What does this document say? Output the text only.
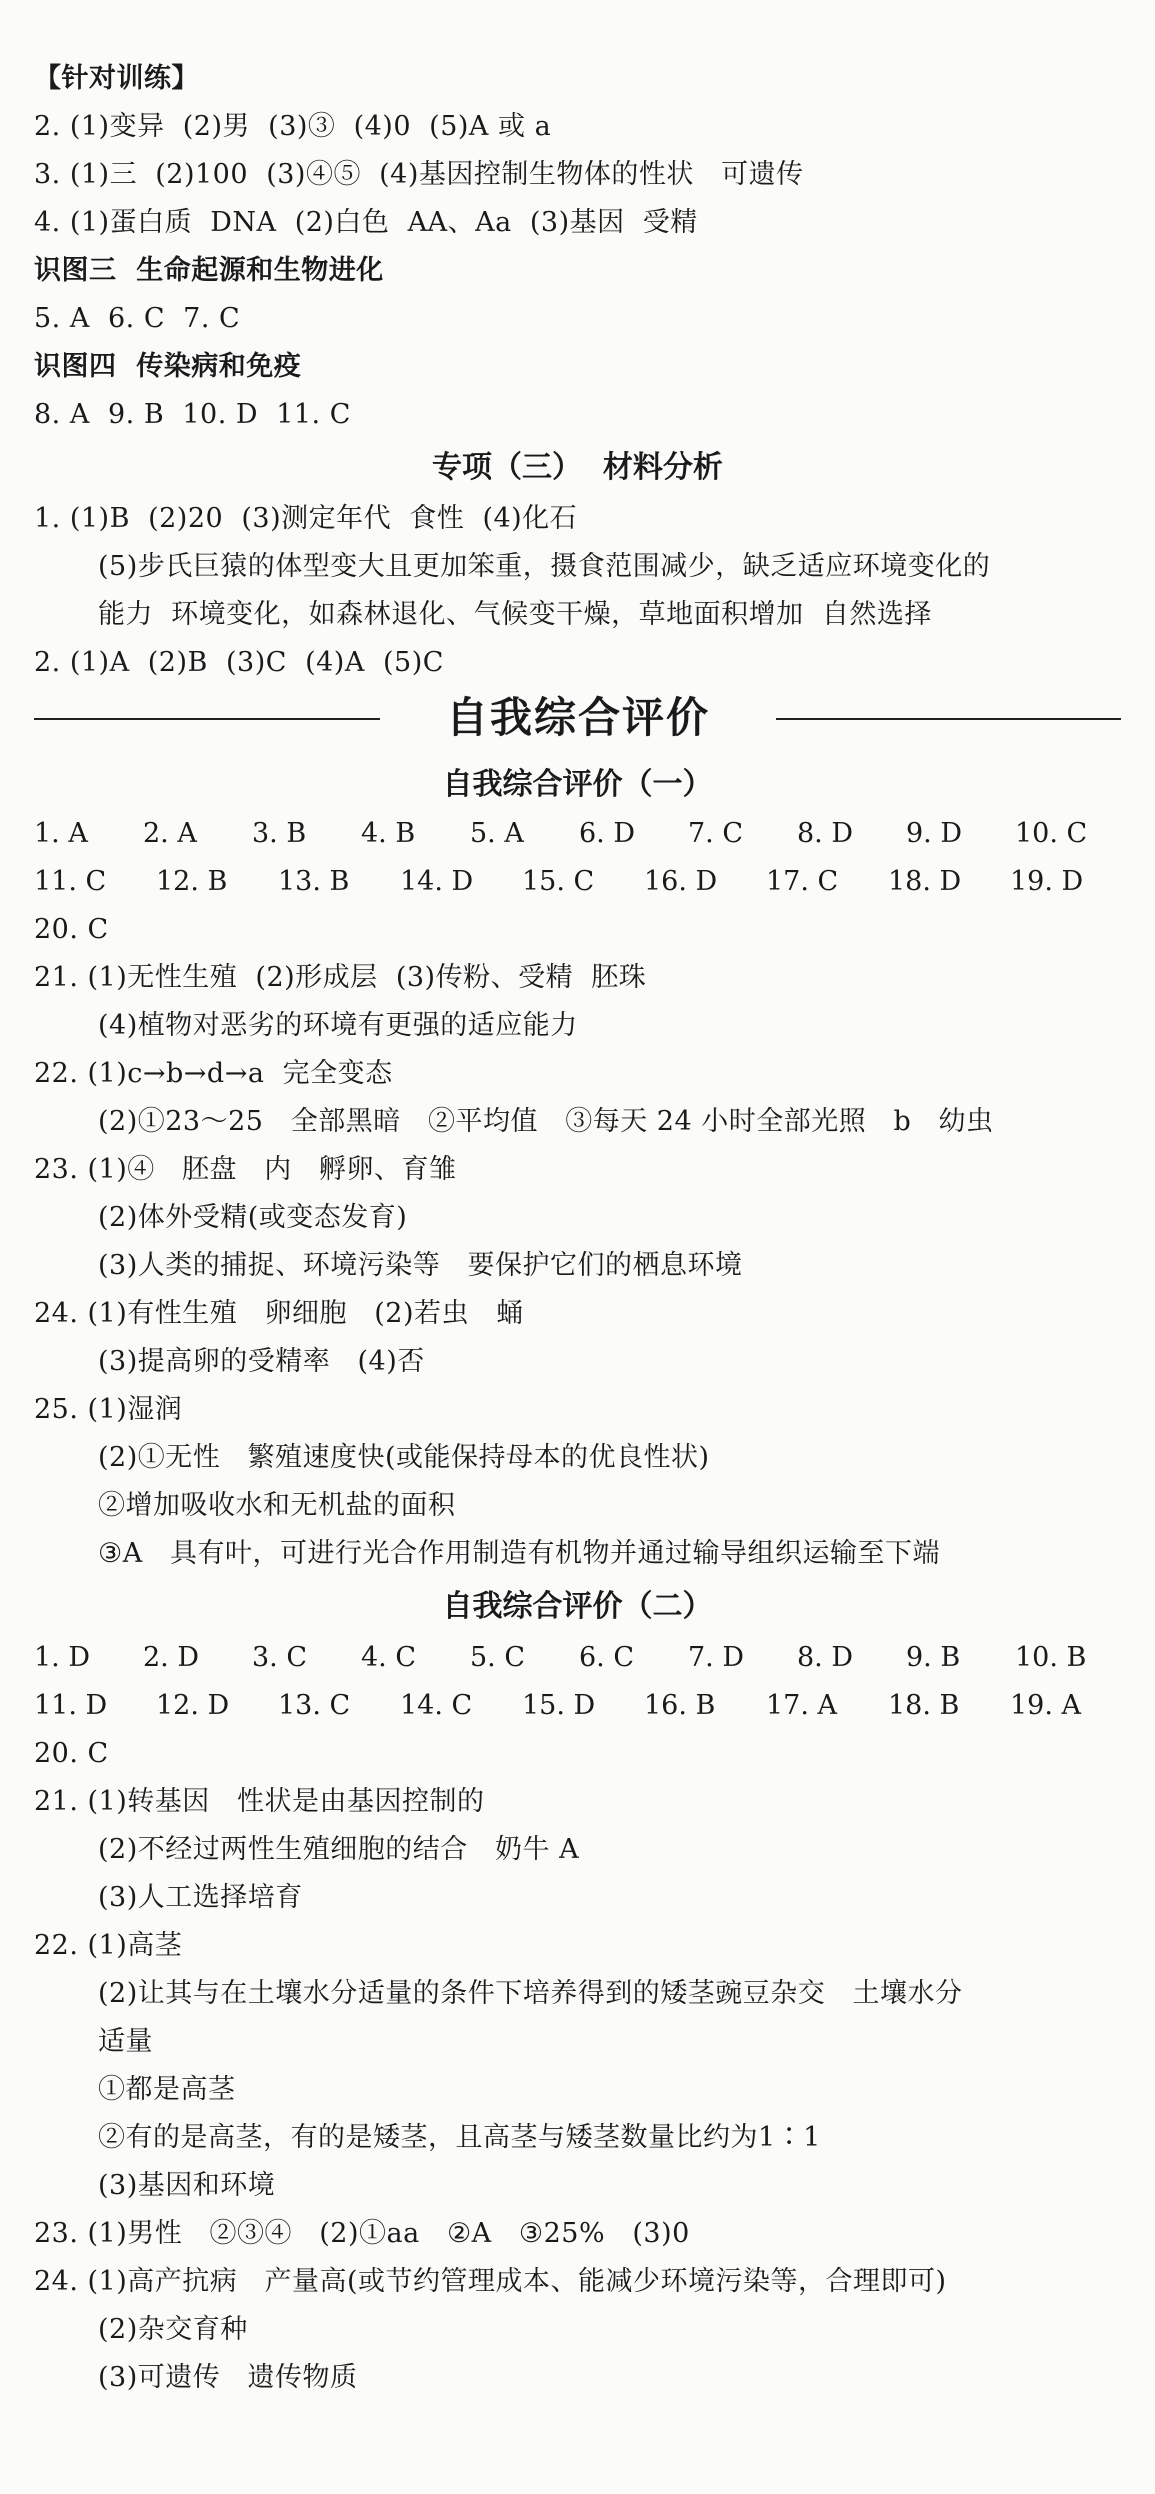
【针对训练】
2. (1)变异  (2)男  (3)③  (4)0  (5)A 或 a
3. (1)三  (2)100  (3)④⑤  (4)基因控制生物体的性状   可遗传
4. (1)蛋白质  DNA  (2)白色  AA、Aa  (3)基因  受精
识图三  生命起源和生物进化
5. A  6. C  7. C
识图四  传染病和免疫
8. A  9. B  10. D  11. C
专项（三）  材料分析
1. (1)B  (2)20  (3)测定年代  食性  (4)化石
(5)步氏巨猿的体型变大且更加笨重，摄食范围减少，缺乏适应环境变化的
能力  环境变化，如森林退化、气候变干燥，草地面积增加  自然选择
2. (1)A  (2)B  (3)C  (4)A  (5)C
自我综合评价
自我综合评价（一）
1. A 2. A 3. B 4. B 5. A 6. D 7. C 8. D 9. D 10. C
11. C 12. B 13. B 14. D 15. C 16. D 17. C 18. D 19. D
20. C
21. (1)无性生殖  (2)形成层  (3)传粉、受精  胚珠
(4)植物对恶劣的环境有更强的适应能力
22. (1)c→b→d→a  完全变态
(2)①23～25   全部黑暗   ②平均值   ③每天 24 小时全部光照   b   幼虫
23. (1)④   胚盘   内   孵卵、育雏
(2)体外受精(或变态发育)
(3)人类的捕捉、环境污染等   要保护它们的栖息环境
24. (1)有性生殖   卵细胞   (2)若虫   蛹
(3)提高卵的受精率   (4)否
25. (1)湿润
(2)①无性   繁殖速度快(或能保持母本的优良性状)
②增加吸收水和无机盐的面积
③A   具有叶，可进行光合作用制造有机物并通过输导组织运输至下端
自我综合评价（二）
1. D 2. D 3. C 4. C 5. C 6. C 7. D 8. D 9. B 10. B
11. D 12. D 13. C 14. C 15. D 16. B 17. A 18. B 19. A
20. C
21. (1)转基因   性状是由基因控制的
(2)不经过两性生殖细胞的结合   奶牛 A
(3)人工选择培育
22. (1)高茎
(2)让其与在土壤水分适量的条件下培养得到的矮茎豌豆杂交   土壤水分
适量
①都是高茎
②有的是高茎，有的是矮茎，且高茎与矮茎数量比约为1∶1
(3)基因和环境
23. (1)男性   ②③④   (2)①aa   ②A   ③25%   (3)0
24. (1)高产抗病   产量高(或节约管理成本、能减少环境污染等，合理即可)
(2)杂交育种
(3)可遗传   遗传物质
